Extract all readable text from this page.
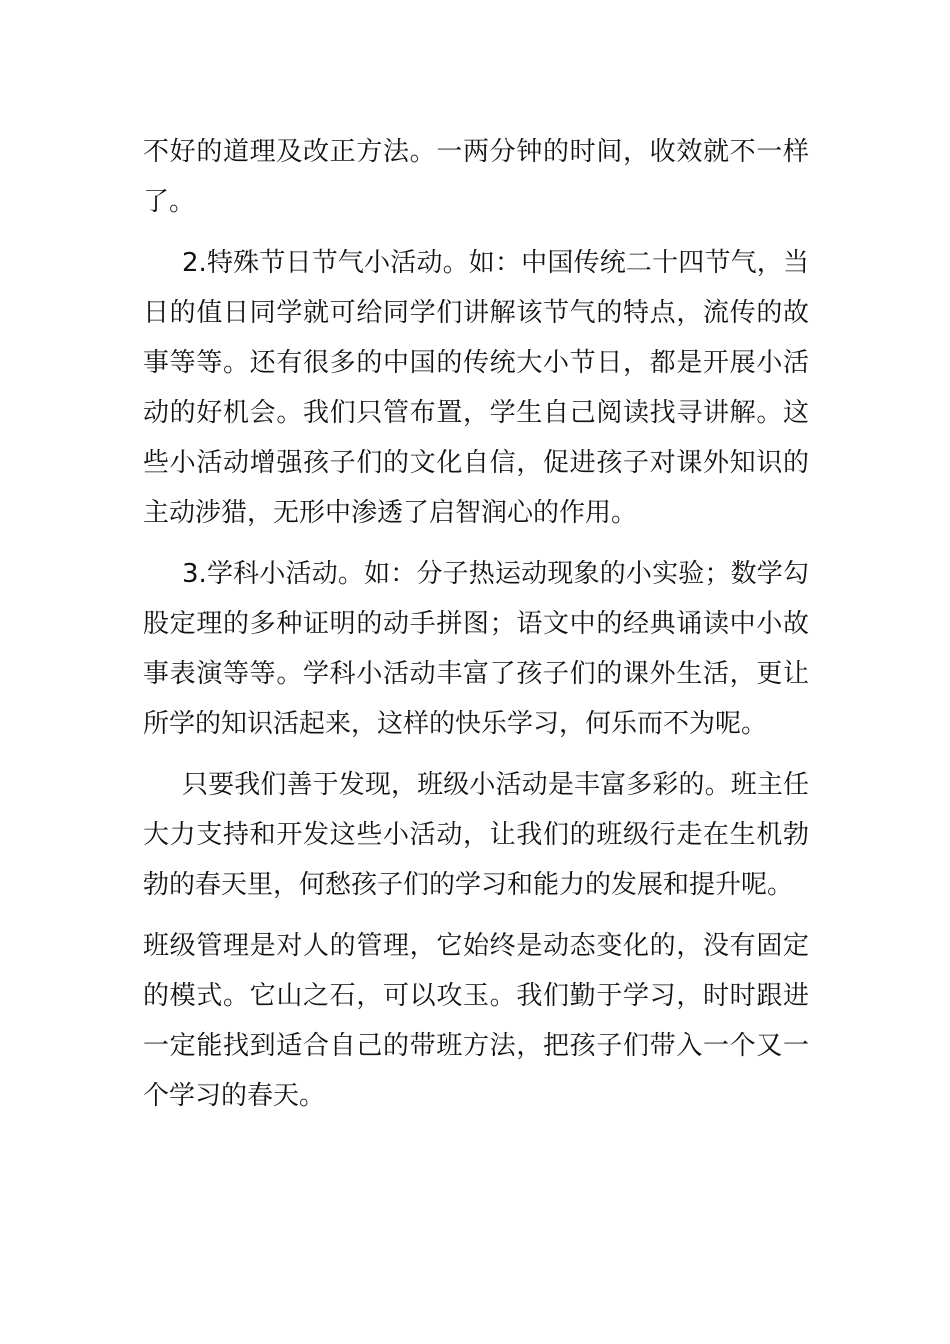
不好的道理及改正方法。一两分钟的时间，收效就不一样了。

2.特殊节日节气小活动。如：中国传统二十四节气，当日的值日同学就可给同学们讲解该节气的特点，流传的故事等等。还有很多的中国的传统大小节日，都是开展小活动的好机会。我们只管布置，学生自己阅读找寻讲解。这些小活动增强孩子们的文化自信，促进孩子对课外知识的主动涉猎，无形中渗透了启智润心的作用。

3.学科小活动。如：分子热运动现象的小实验；数学勾股定理的多种证明的动手拼图；语文中的经典诵读中小故事表演等等。学科小活动丰富了孩子们的课外生活，更让所学的知识活起来，这样的快乐学习，何乐而不为呢。

只要我们善于发现，班级小活动是丰富多彩的。班主任大力支持和开发这些小活动，让我们的班级行走在生机勃勃的春天里，何愁孩子们的学习和能力的发展和提升呢。

班级管理是对人的管理，它始终是动态变化的，没有固定的模式。它山之石，可以攻玉。我们勤于学习，时时跟进一定能找到适合自己的带班方法，把孩子们带入一个又一个学习的春天。
